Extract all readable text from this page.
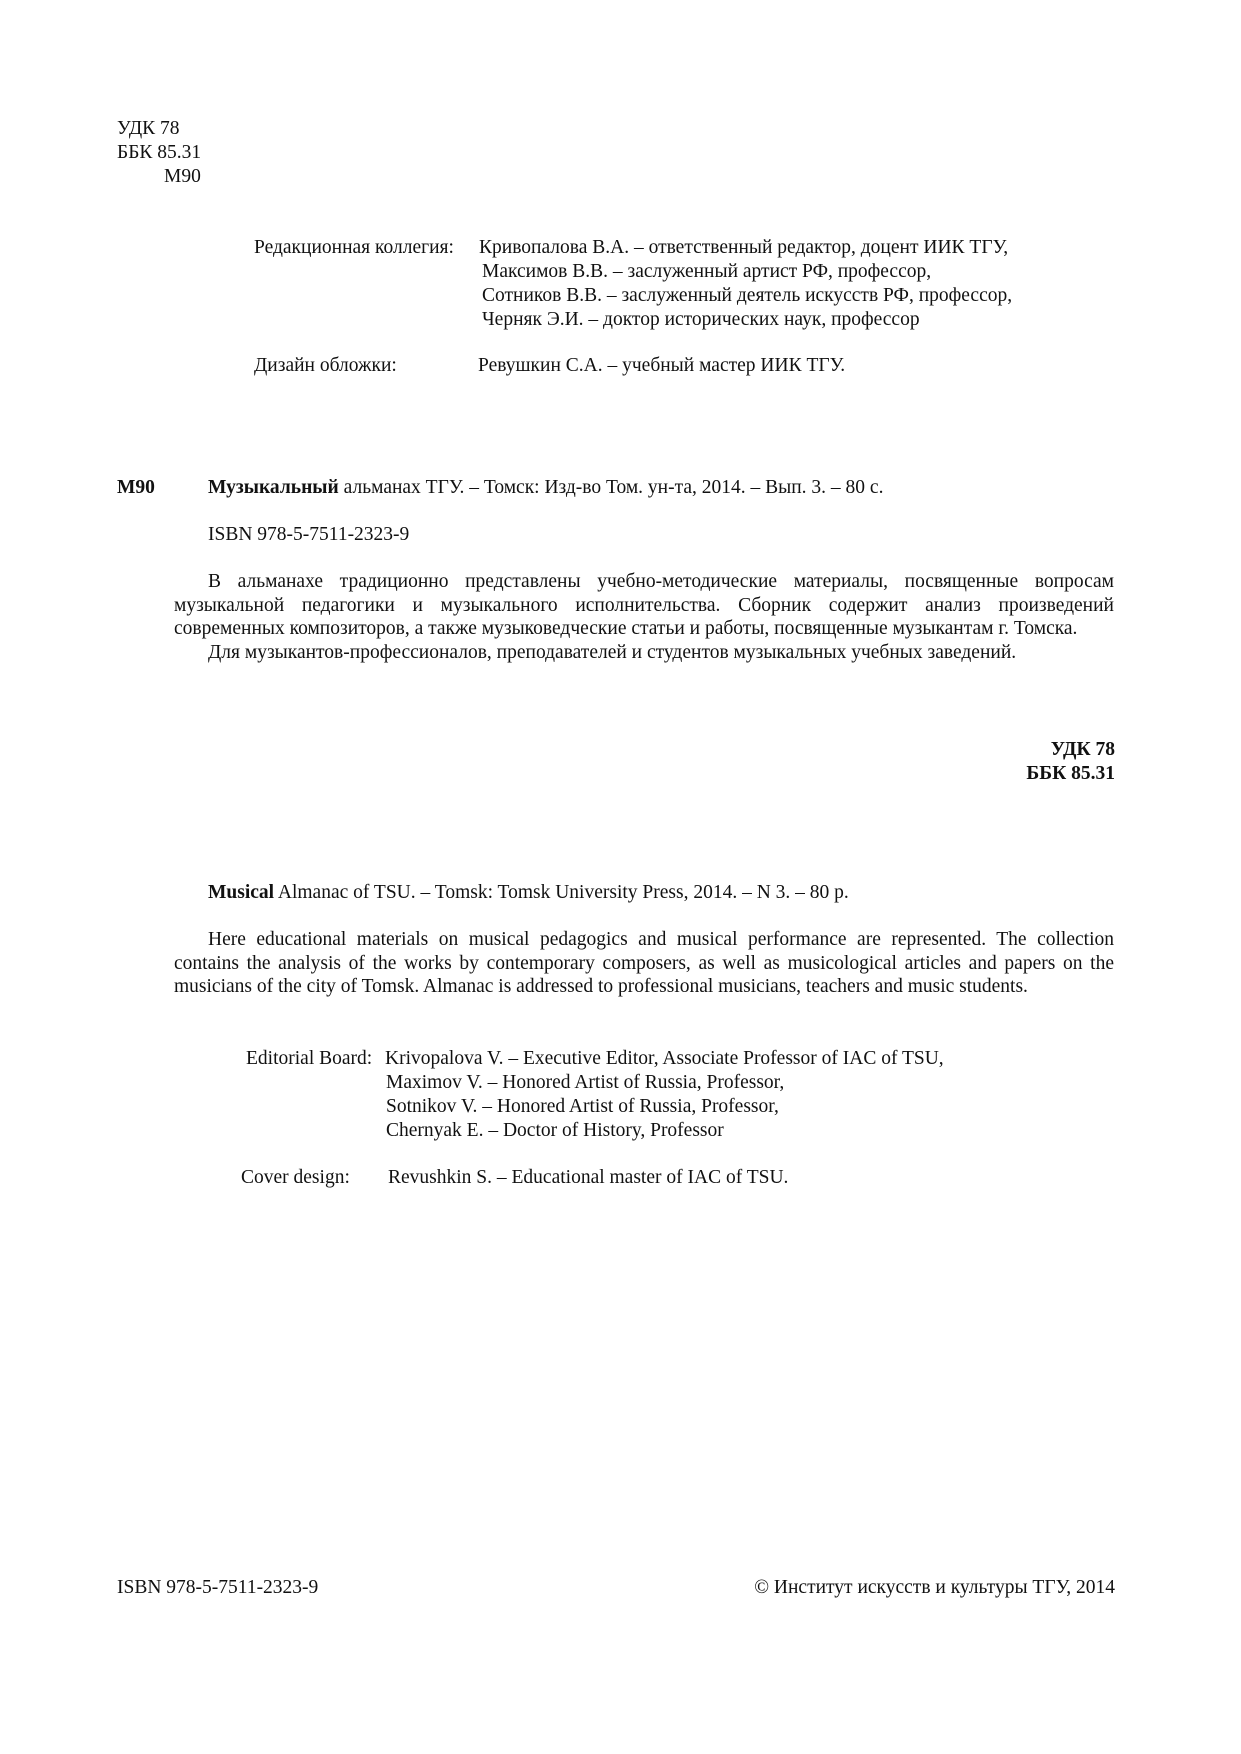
УДК 78
ББК 85.31
М90
Редакционная коллегия: Кривопалова В.А. – ответственный редактор, доцент ИИК ТГУ,
Максимов В.В. – заслуженный артист РФ, профессор,
Сотников В.В. – заслуженный деятель искусств РФ, профессор,
Черняк Э.И. – доктор исторических наук, профессор
Дизайн обложки:	Ревушкин С.А. – учебный мастер ИИК ТГУ.
М90	Музыкальный альманах ТГУ. – Томск: Изд-во Том. ун-та, 2014. – Вып. 3. – 80 с.
ISBN 978-5-7511-2323-9
В альманахе традиционно представлены учебно-методические материалы, посвященные вопросам музыкальной педагогики и музыкального исполнительства. Сборник содержит анализ произведений современных композиторов, а также музыковедческие статьи и работы, посвященные музыкантам г. Томска.
Для музыкантов-профессионалов, преподавателей и студентов музыкальных учебных заведений.
УДК 78
ББК 85.31
Musical Almanac of TSU. – Tomsk: Tomsk University Press, 2014. – N 3. – 80 p.
Here educational materials on musical pedagogics and musical performance are represented. The collection contains the analysis of the works by contemporary composers, as well as musicological articles and papers on the musicians of the city of Tomsk. Almanac is addressed to professional musicians, teachers and music students.
Editorial Board: Krivopalova V. – Executive Editor, Associate Professor of IAC of TSU,
Maximov V. – Honored Artist of Russia, Professor,
Sotnikov V. – Honored Artist of Russia, Professor,
Chernyak E. – Doctor of History, Professor
Cover design: Revushkin S. – Educational master of IAC of TSU.
ISBN 978-5-7511-2323-9	© Институт искусств и культуры ТГУ, 2014
